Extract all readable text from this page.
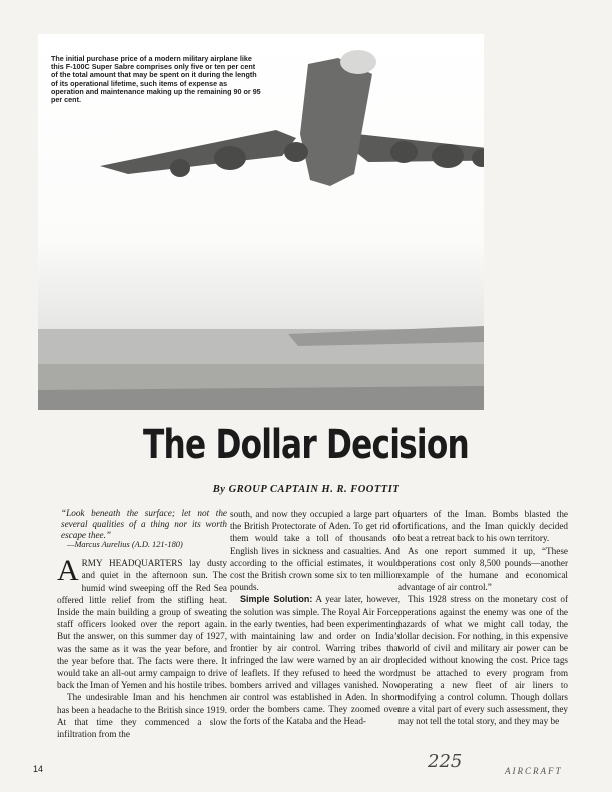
The initial purchase price of a modern military airplane like this F-100C Super Sabre comprises only five or ten per cent of the total amount that may be spent on it during the length of its operational lifetime, such items of expense as operation and maintenance making up the remaining 90 or 95 per cent.
The Dollar Decision
By GROUP CAPTAIN H. R. FOOTTIT
“Look beneath the surface; let not the several qualities of a thing nor its worth escape thee.”
—Marcus Aurelius (A.D. 121-180)

ARMY HEADQUARTERS lay dusty and quiet in the afternoon sun. The humid wind sweeping off the Red Sea offered little relief from the stifling heat. Inside the main building a group of sweating staff officers looked over the report again. But the answer, on this summer day of 1927, was the same as it was the year before, and the year before that. The facts were there. It would take an all-out army campaign to drive back the Iman of Yemen and his hostile tribes.

The undesirable Iman and his henchmen has been a headache to the British since 1919. At that time they commenced a slow infiltration from the

south, and now they occupied a large part of the British Protectorate of Aden. To get rid of them would take a toll of thousands of English lives in sickness and casualties. And according to the official estimates, it would cost the British crown some six to ten million pounds.

Simple Solution: A year later, however, the solution was simple. The Royal Air Force, in the early twenties, had been experimenting with maintaining law and order on India’s frontier by air control. Warring tribes that infringed the law were warned by an air drop of leaflets. If they refused to heed the word, bombers arrived and villages vanished. Now air control was established in Aden. In short order the bombers came. They zoomed over the forts of the Kataba and the Head-

quarters of the Iman. Bombs blasted the fortifications, and the Iman quickly decided to beat a retreat back to his own territory.

As one report summed it up, “These operations cost only 8,500 pounds—another example of the humane and economical advantage of air control.”

This 1928 stress on the monetary cost of operations against the enemy was one of the hazards of what we might call today, the dollar decision. For nothing, in this expensive world of civil and military air power can be decided without knowing the cost. Price tags must be attached to every program from operating a new fleet of air liners to modifying a control column. Though dollars are a vital part of every such assessment, they may not tell the total story, and they may be

14	225	AIRCRAFT
